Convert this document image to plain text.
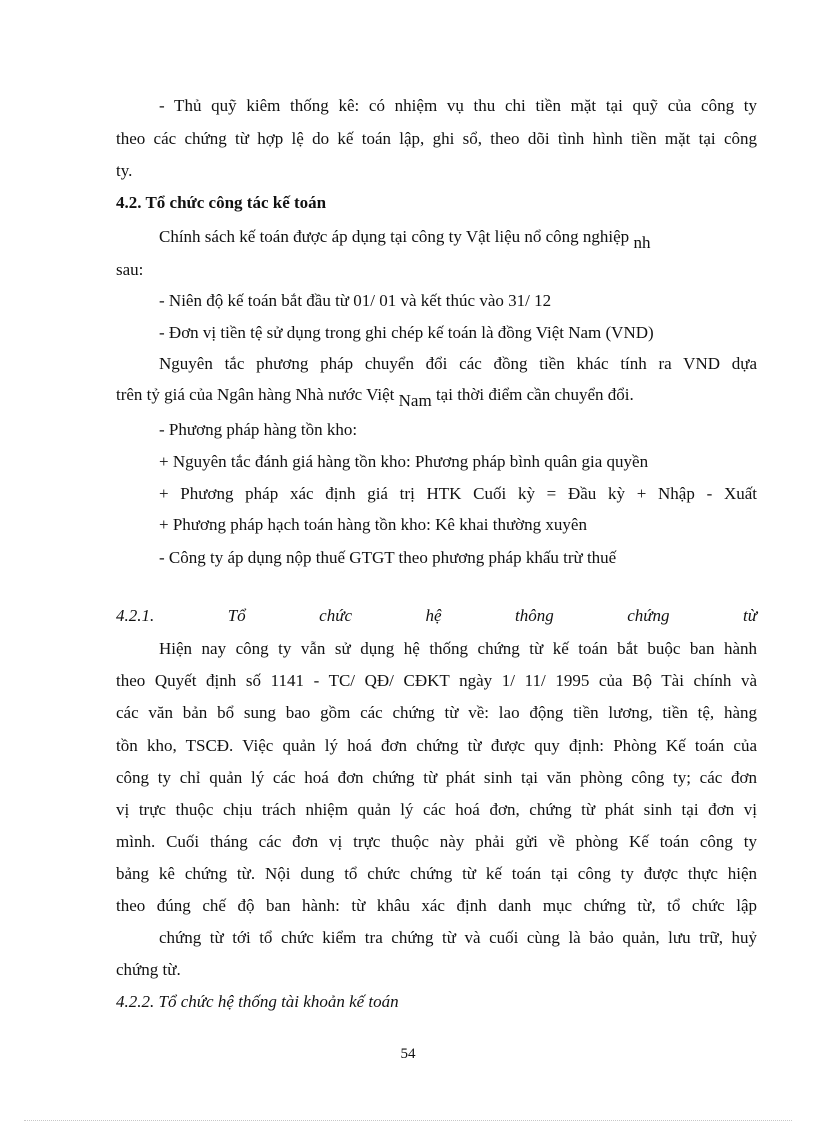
- Thủ quỹ kiêm thống kê: có nhiệm vụ thu chi tiền mặt tại quỹ của công ty
theo các chứng từ hợp lệ do kế toán lập, ghi sổ, theo dõi tình hình tiền mặt tại công
ty.
4.2. Tổ chức công tác kế toán
Chính sách kế toán được áp dụng tại công ty Vật liệu nổ công nghiệp nh
sau:
- Niên độ kế toán bắt đầu từ 01/ 01 và kết thúc vào 31/ 12
- Đơn vị tiền tệ sử dụng trong ghi chép kế toán là đồng Việt Nam (VND)
Nguyên tắc phương pháp chuyển đổi các đồng tiền khác tính ra VND dựa
trên tỷ giá của Ngân hàng Nhà nước Việt Nam tại thời điểm cần chuyển đổi.
- Phương pháp hàng tồn kho:
+ Nguyên tắc đánh giá hàng tồn kho: Phương pháp bình quân gia quyền
+ Phương pháp xác định giá trị HTK Cuối kỳ = Đầu kỳ + Nhập - Xuất
+ Phương pháp hạch toán hàng tồn kho: Kê khai thường xuyên
- Công ty áp dụng nộp thuế GTGT theo phương pháp khấu trừ thuế
4.2.1. Tổ chức hệ thông chứng từ
Hiện nay công ty vẫn sử dụng hệ thống chứng từ kế toán bắt buộc ban hành
theo Quyết định số 1141 - TC/ QĐ/ CĐKT ngày 1/ 11/ 1995 của Bộ Tài chính và
các văn bản bổ sung bao gồm các chứng từ về: lao động tiền lương, tiền tệ, hàng
tồn kho, TSCĐ. Việc quản lý hoá đơn chứng từ được quy định: Phòng Kế toán của
công ty chỉ quản lý các hoá đơn chứng từ phát sinh tại văn phòng công ty; các đơn
vị trực thuộc chịu trách nhiệm quản lý các hoá đơn, chứng từ phát sinh tại đơn vị
mình. Cuối tháng các đơn vị trực thuộc này phải gửi về phòng Kế toán công ty
bảng kê chứng từ. Nội dung tổ chức chứng từ kế toán tại công ty được thực hiện
theo đúng chế độ ban hành: từ khâu xác định danh mục chứng từ, tổ chức lập
chứng từ tới tổ chức kiểm tra chứng từ và cuối cùng là bảo quản, lưu trữ, huỷ
chứng từ.
4.2.2. Tổ chức hệ thống tài khoản kế toán
54
